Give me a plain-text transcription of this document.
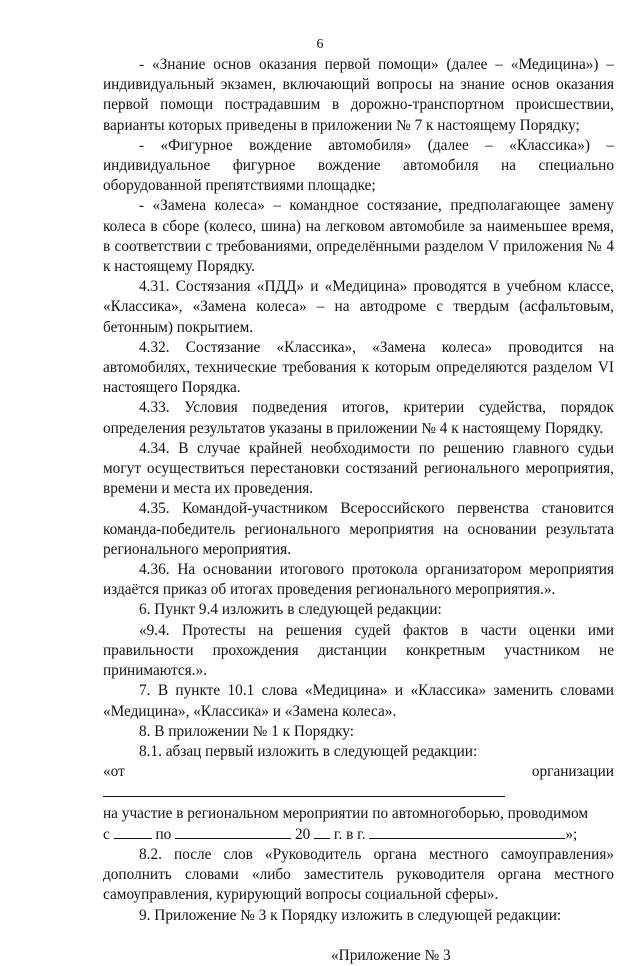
6

- «Знание основ оказания первой помощи» (далее – «Медицина») – индивидуальный экзамен, включающий вопросы на знание основ оказания первой помощи пострадавшим в дорожно-транспортном происшествии, варианты которых приведены в приложении № 7 к настоящему Порядку;

- «Фигурное вождение автомобиля» (далее – «Классика») – индивидуальное фигурное вождение автомобиля на специально оборудованной препятствиями площадке;

- «Замена колеса» – командное состязание, предполагающее замену колеса в сборе (колесо, шина) на легковом автомобиле за наименьшее время, в соответствии с требованиями, определёнными разделом V приложения № 4 к настоящему Порядку.

4.31. Состязания «ПДД» и «Медицина» проводятся в учебном классе, «Классика», «Замена колеса» – на автодроме с твердым (асфальтовым, бетонным) покрытием.

4.32. Состязание «Классика», «Замена колеса» проводится на автомобилях, технические требования к которым определяются разделом VI настоящего Порядка.

4.33. Условия подведения итогов, критерии судейства, порядок определения результатов указаны в приложении № 4 к настоящему Порядку.

4.34. В случае крайней необходимости по решению главного судьи могут осуществиться перестановки состязаний регионального мероприятия, времени и места их проведения.

4.35. Командой-участником Всероссийского первенства становится команда-победитель регионального мероприятия на основании результата регионального мероприятия.

4.36. На основании итогового протокола организатором мероприятия издаётся приказ об итогах проведения регионального мероприятия.».

6. Пункт 9.4 изложить в следующей редакции:

«9.4. Протесты на решения судей фактов в части оценки ими правильности прохождения дистанции конкретным участником не принимаются.».

7. В пункте 10.1 слова «Медицина» и «Классика» заменить словами «Медицина», «Классика» и «Замена колеса».

8. В приложении № 1 к Порядку:

8.1. абзац первый изложить в следующей редакции:

«от организации
на участие в региональном мероприятии по автомногоборью, проводимом
с	по	20 г. в г.	»;

8.2. после слов «Руководитель органа местного самоуправления» дополнить словами «либо заместитель руководителя органа местного самоуправления, курирующий вопросы социальной сферы».

9. Приложение № 3 к Порядку изложить в следующей редакции:

«Приложение № 3
